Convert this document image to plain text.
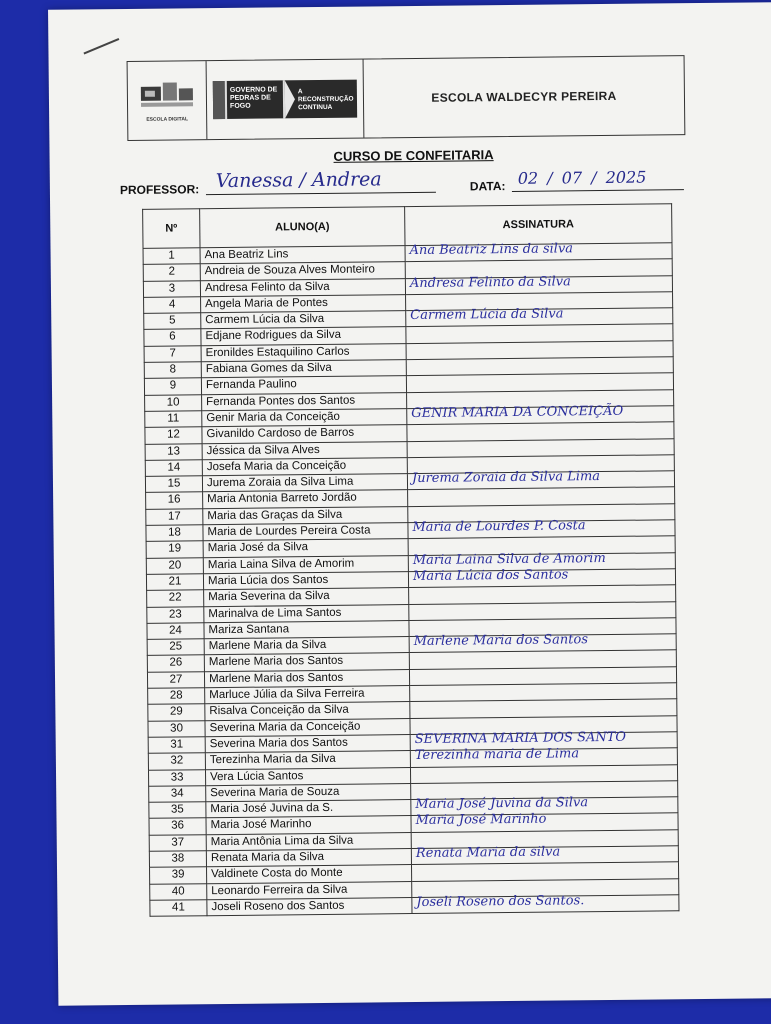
ESCOLA DIGITAL
GOVERNO DE PEDRAS DE FOGO
A RECONSTRUÇÃO CONTINUA
ESCOLA WALDECYR PEREIRA
CURSO DE CONFEITARIA
PROFESSOR: Vanessa / Andrea	DATA: 02 / 07 / 2025
Nº	ALUNO(A)	ASSINATURA
1	Ana Beatriz Lins	Ana Beatriz Lins da silva
2	Andreia de Souza Alves Monteiro	
3	Andresa Felinto da Silva	Andresa Felinto da Silva
4	Angela Maria de Pontes	
5	Carmem Lúcia da Silva	Carmem Lúcia da Silva
6	Edjane Rodrigues da Silva	
7	Eronildes Estaquilino Carlos	
8	Fabiana Gomes da Silva	
9	Fernanda Paulino	
10	Fernanda Pontes dos Santos	
11	Genir Maria da Conceição	GENIR MARIA DA CONCEIÇÃO
12	Givanildo Cardoso de Barros	
13	Jéssica da Silva Alves	
14	Josefa Maria da Conceição	
15	Jurema Zoraia da Silva Lima	Jurema Zoraia da Silva Lima
16	Maria Antonia Barreto Jordão	
17	Maria das Graças da Silva	
18	Maria de Lourdes Pereira Costa	Maria de Lourdes P. Costa
19	Maria José da Silva	
20	Maria Laina Silva de Amorim	Maria Laina Silva de Amorim
21	Maria Lúcia dos Santos	Maria Lúcia dos Santos
22	Maria Severina da Silva	
23	Marinalva de Lima Santos	
24	Mariza Santana	
25	Marlene Maria da Silva	Marlene Maria dos Santos
26	Marlene Maria dos Santos	
27	Marlene Maria dos Santos	
28	Marluce Júlia da Silva Ferreira	
29	Risalva Conceição da Silva	
30	Severina Maria da Conceição	
31	Severina Maria dos Santos	SEVERINA MARIA DOS SANTO
32	Terezinha Maria da Silva	Terezinha maria de Lima
33	Vera Lúcia Santos	
34	Severina Maria de Souza	
35	Maria José Juvina da S.	Maria José Juvina da Silva
36	Maria José Marinho	Maria José Marinho
37	Maria Antônia Lima da Silva	
38	Renata Maria da Silva	Renata Maria da silva
39	Valdinete Costa do Monte	
40	Leonardo Ferreira da Silva	
41	Joseli Roseno dos Santos	Joseli Roseno dos Santos.
